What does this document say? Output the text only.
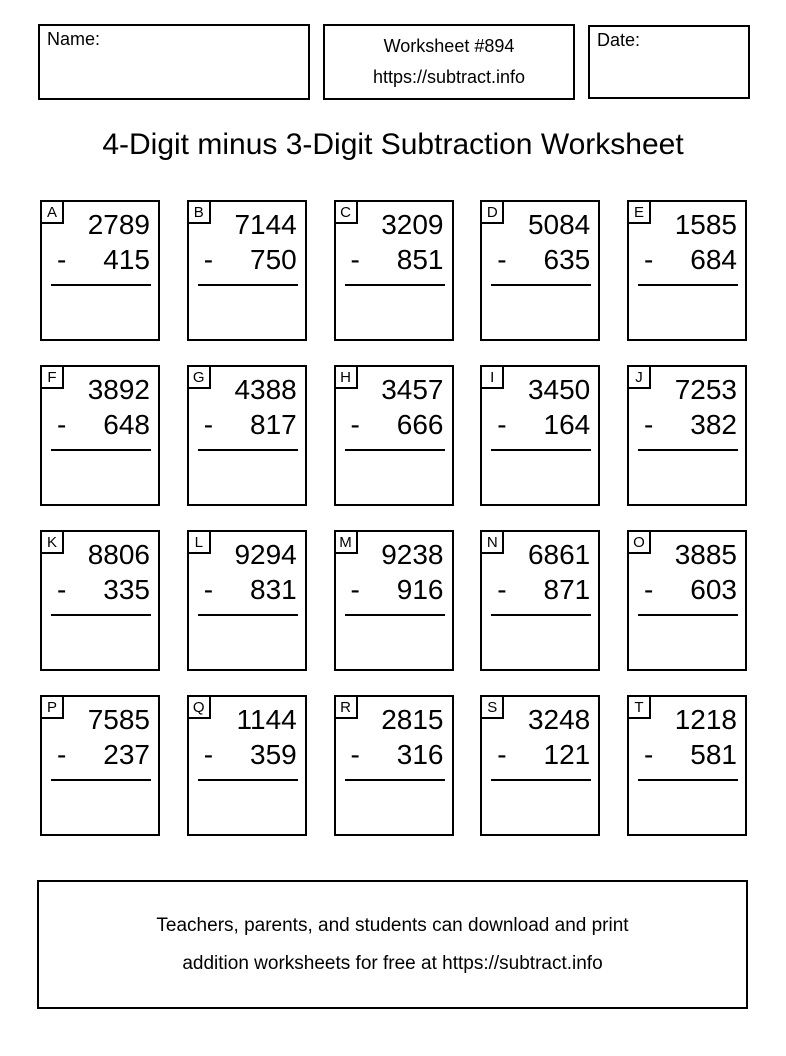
Name:	Worksheet #894
https://subtract.info
Date:
4-Digit minus 3-Digit Subtraction Worksheet
A	2789
- 415
B	7144
- 750
C	3209
- 851
D	5084
- 635
E	1585
- 684
F	3892
- 648
G	4388
- 817
H	3457
- 666
I	3450
- 164
J	7253
- 382
K	8806
- 335
L	9294
- 831
M	9238
- 916
N	6861
- 871
O	3885
- 603
P	7585
- 237
Q	1144
- 359
R	2815
- 316
S	3248
- 121
T	1218
- 581
Teachers, parents, and students can download and print
addition worksheets for free at https://subtract.info
